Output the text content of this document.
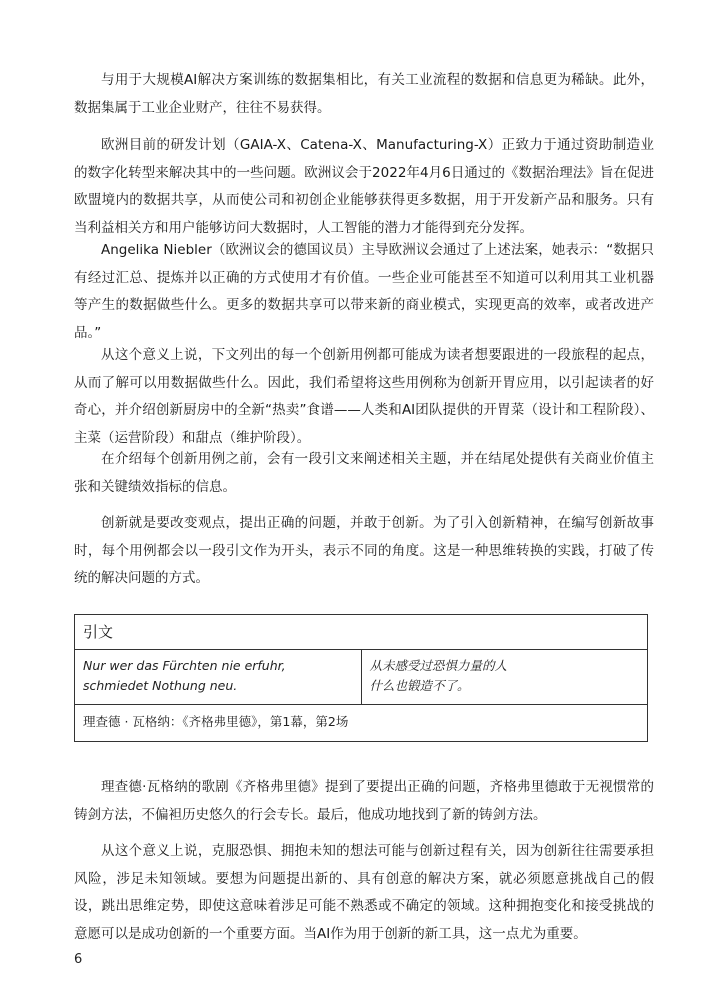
与用于大规模AI解决方案训练的数据集相比，有关工业流程的数据和信息更为稀缺。此外，数据集属于工业企业财产，往往不易获得。

欧洲目前的研发计划（GAIA-X、Catena-X、Manufacturing-X）正致力于通过资助制造业的数字化转型来解决其中的一些问题。欧洲议会于2022年4月6日通过的《数据治理法》旨在促进欧盟境内的数据共享，从而使公司和初创企业能够获得更多数据，用于开发新产品和服务。只有当利益相关方和用户能够访问大数据时，人工智能的潜力才能得到充分发挥。

Angelika Niebler（欧洲议会的德国议员）主导欧洲议会通过了上述法案，她表示：“数据只有经过汇总、提炼并以正确的方式使用才有价值。一些企业可能甚至不知道可以利用其工业机器等产生的数据做些什么。更多的数据共享可以带来新的商业模式，实现更高的效率，或者改进产品。”

从这个意义上说，下文列出的每一个创新用例都可能成为读者想要跟进的一段旅程的起点，从而了解可以用数据做些什么。因此，我们希望将这些用例称为创新开胃应用，以引起读者的好奇心，并介绍创新厨房中的全新“热卖”食谱——人类和AI团队提供的开胃菜（设计和工程阶段）、主菜（运营阶段）和甜点（维护阶段）。

在介绍每个创新用例之前，会有一段引文来阐述相关主题，并在结尾处提供有关商业价值主张和关键绩效指标的信息。

创新就是要改变观点，提出正确的问题，并敢于创新。为了引入创新精神，在编写创新故事时，每个用例都会以一段引文作为开头，表示不同的角度。这是一种思维转换的实践，打破了传统的解决问题的方式。

引文
Nur wer das Fürchten nie erfuhr,
schmiedet Nothung neu.
从未感受过恐惧力量的人
什么也锻造不了。
理查德 · 瓦格纳：《齐格弗里德》，第1幕，第2场

理查德·瓦格纳的歌剧《齐格弗里德》提到了要提出正确的问题，齐格弗里德敢于无视惯常的铸剑方法，不偏袒历史悠久的行会专长。最后，他成功地找到了新的铸剑方法。

从这个意义上说，克服恐惧、拥抱未知的想法可能与创新过程有关，因为创新往往需要承担风险，涉足未知领域。要想为问题提出新的、具有创意的解决方案，就必须愿意挑战自己的假设，跳出思维定势，即使这意味着涉足可能不熟悉或不确定的领域。这种拥抱变化和接受挑战的意愿可以是成功创新的一个重要方面。当AI作为用于创新的新工具，这一点尤为重要。

6
